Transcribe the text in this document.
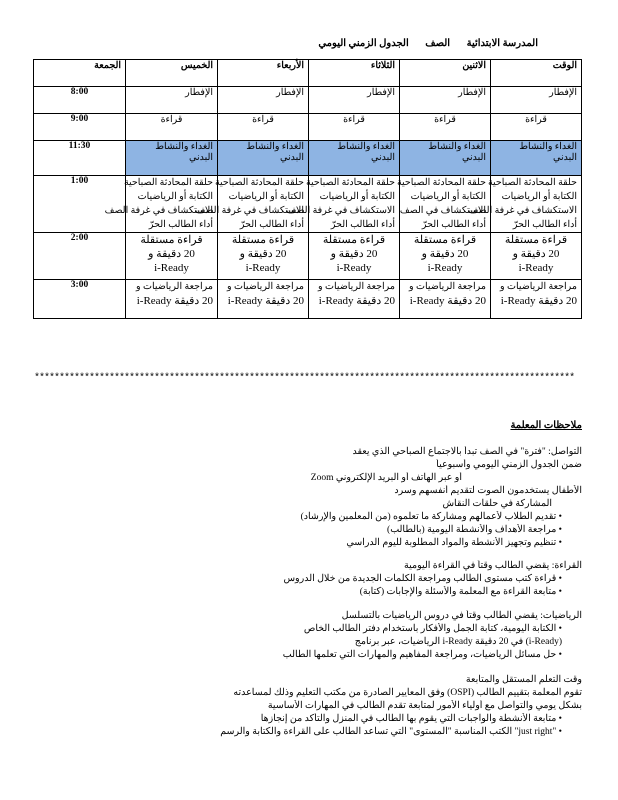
المدرسة الابتدائية الصف الجدول الزمني اليومي
الجمعة	الخميس	الأربعاء	الثلاثاء	الاثنين	الوقت
8:00	الإفطار	الإفطار	الإفطار	الإفطار	الإفطار
9:00	قراءة	قراءة	قراءة	قراءة	قراءة
11:30	الغداء والنشاط البدني	الغداء والنشاط البدني	الغداء والنشاط البدني	الغداء والنشاط البدني	الغداء والنشاط البدني
1:00	حلقة المحادثة الصباحية
الكتابة أو الرياضيات
الاستكشاف في غرفة الصف
أداء الطالب الحرّ	حلقة المحادثة الصباحية
الكتابة أو الرياضيات
الاستكشاف في غرفة الصف
أداء الطالب الحرّ	حلقة المحادثة الصباحية
الكتابة أو الرياضيات
الاستكشاف في غرفة الصف
أداء الطالب الحرّ	حلقة المحادثة الصباحية
الكتابة أو الرياضيات
الاستكشاف في الصف
أداء الطالب الحرّ	حلقة المحادثة الصباحية
الكتابة أو الرياضيات
الاستكشاف في غرفة الصف
أداء الطالب الحرّ

2:00	قراءة مستقلة
20 دقيقة و
i-Ready	قراءة مستقلة
20 دقيقة و
i-Ready	قراءة مستقلة
20 دقيقة و
i-Ready	قراءة مستقلة
20 دقيقة و
i-Ready	قراءة مستقلة
20 دقيقة و
i-Ready

3:00	مراجعة الرياضيات و
20 دقيقة i-Ready	مراجعة الرياضيات و
20 دقيقة i-Ready	مراجعة الرياضيات و
20 دقيقة i-Ready	مراجعة الرياضيات و
20 دقيقة i-Ready	مراجعة الرياضيات و
20 دقيقة i-Ready
************************************************************************************************************
ملاحظات المعلمة
التواصل: "فترة" في الصف تبدأ بالاجتماع الصباحي الذي يعقد
ضمن الجدول الزمني اليومي وأسبوعياً
أو عبر الهاتف أو البريد الإلكتروني Zoom
الأطفال يستخدمون الصوت لتقديم أنفسهم وسرد
المشاركة في حلقات النقاش
• تقديم الطلاب لأعمالهم ومشاركة ما تعلموه (من المعلمين والإرشاد)
• مراجعة الأهداف والأنشطة اليومية (بالطالب)
• تنظيم وتجهيز الأنشطة والمواد المطلوبة لليوم الدراسي
القراءة: يقضي الطالب وقتاً في القراءة اليومية
• قراءة كتب مستوى الطالب ومراجعة الكلمات الجديدة من خلال الدروس
• متابعة القراءة مع المعلمة والأسئلة والإجابات (كتابة)
الرياضيات: يقضي الطالب وقتاً في دروس الرياضيات بالتسلسل
• الكتابة اليومية، كتابة الجمل والأفكار باستخدام دفتر الطالب الخاص
(i-Ready) في 20 دقيقة i-Ready الرياضيات، عبر برنامج
• حل مسائل الرياضيات، ومراجعة المفاهيم والمهارات التي تعلمها الطالب
وقت التعلم المستقل والمتابعة
تقوم المعلمة بتقييم الطالب (OSPI) وفق المعايير الصادرة من مكتب التعليم وذلك لمساعدته
بشكل يومي والتواصل مع أولياء الأمور لمتابعة تقدم الطالب في المهارات الأساسية
• متابعة الأنشطة والواجبات التي يقوم بها الطالب في المنزل والتأكد من إنجازها
• "just right" الكتب المناسبة "المستوى" التي تساعد الطالب على القراءة والكتابة والرسم
